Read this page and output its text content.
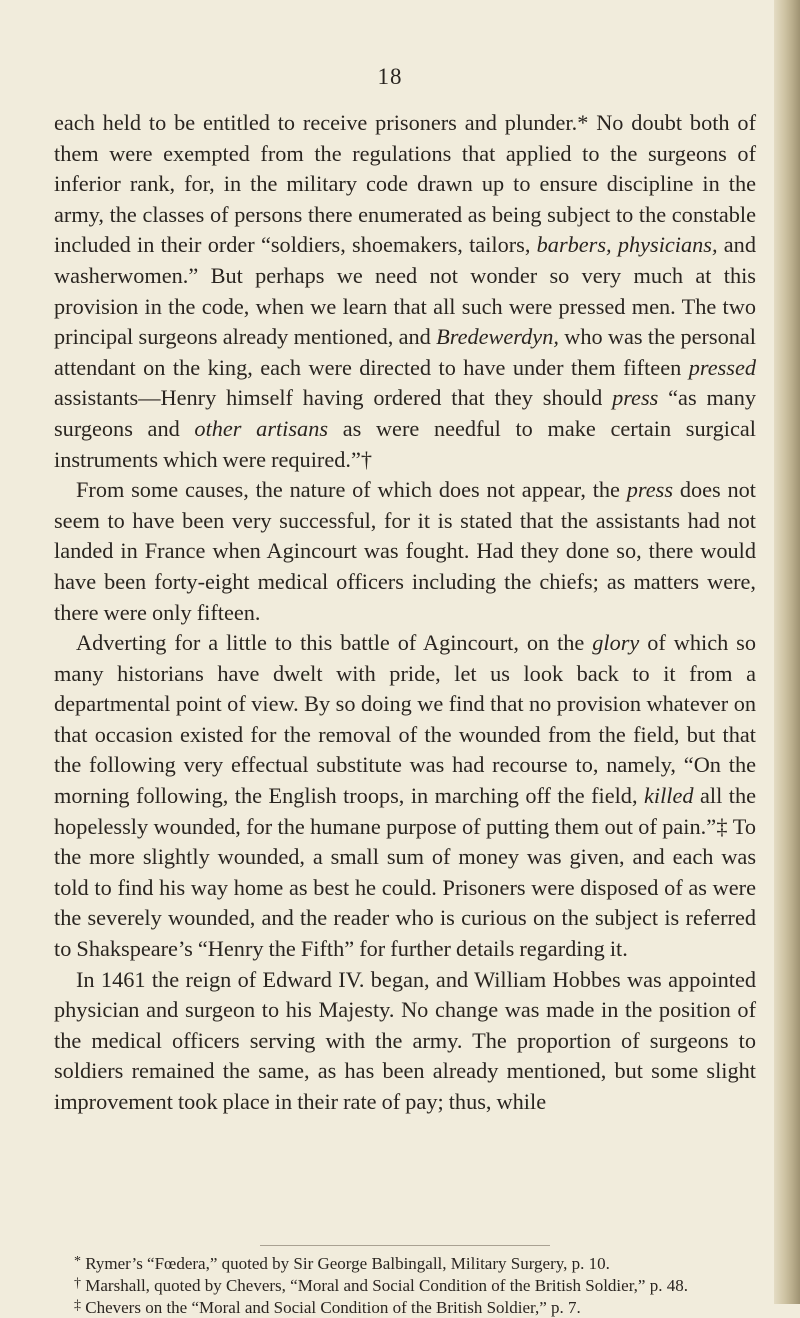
18

each held to be entitled to receive prisoners and plunder.* No doubt both of them were exempted from the regulations that applied to the surgeons of inferior rank, for, in the military code drawn up to ensure discipline in the army, the classes of persons there enumerated as being subject to the constable included in their order “soldiers, shoemakers, tailors, barbers, physicians, and washerwomen.” But perhaps we need not wonder so very much at this provision in the code, when we learn that all such were pressed men. The two principal surgeons already mentioned, and Bredewerdyn, who was the personal attendant on the king, each were directed to have under them fifteen pressed assistants—Henry himself having ordered that they should press “as many surgeons and other artisans as were needful to make certain surgical instruments which were required.”†

From some causes, the nature of which does not appear, the press does not seem to have been very successful, for it is stated that the assistants had not landed in France when Agincourt was fought. Had they done so, there would have been forty-eight medical officers including the chiefs; as matters were, there were only fifteen.

Adverting for a little to this battle of Agincourt, on the glory of which so many historians have dwelt with pride, let us look back to it from a departmental point of view. By so doing we find that no provision whatever on that occasion existed for the removal of the wounded from the field, but that the following very effectual substitute was had recourse to, namely, “On the morning following, the English troops, in marching off the field, killed all the hopelessly wounded, for the humane purpose of putting them out of pain.”‡ To the more slightly wounded, a small sum of money was given, and each was told to find his way home as best he could. Prisoners were disposed of as were the severely wounded, and the reader who is curious on the subject is referred to Shakspeare’s “Henry the Fifth” for further details regarding it.

In 1461 the reign of Edward IV. began, and William Hobbes was appointed physician and surgeon to his Majesty. No change was made in the position of the medical officers serving with the army. The proportion of surgeons to soldiers remained the same, as has been already mentioned, but some slight improvement took place in their rate of pay; thus, while

* Rymer’s “Fœdera,” quoted by Sir George Balbingall, Military Surgery, p. 10.

† Marshall, quoted by Chevers, “Moral and Social Condition of the British Soldier,” p. 48.

‡ Chevers on the “Moral and Social Condition of the British Soldier,” p. 7.
